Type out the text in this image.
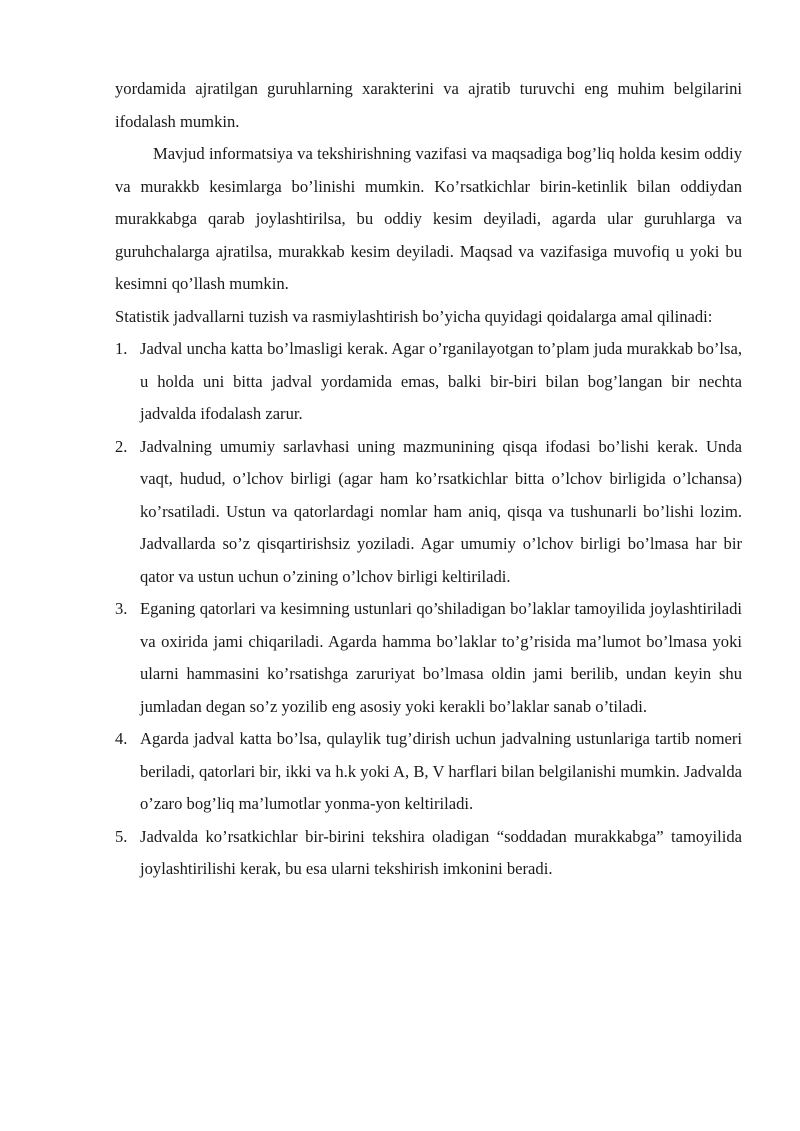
yordamida ajratilgan guruhlarning xarakterini va ajratib turuvchi eng muhim belgilarini ifodalash mumkin.

Mavjud informatsiya va tekshirishning vazifasi va maqsadiga bog’liq holda kesim oddiy va murakkb kesimlarga bo’linishi mumkin. Ko’rsatkichlar birin-ketinlik bilan oddiydan murakkabga qarab joylashtirilsa, bu oddiy kesim deyiladi, agarda ular guruhlarga va guruhchalarga ajratilsa, murakkab kesim deyiladi. Maqsad va vazifasiga muvofiq u yoki bu kesimni qo’llash mumkin.

Statistik jadvallarni tuzish va rasmiylashtirish bo’yicha quyidagi qoidalarga amal qilinadi:

1. Jadval uncha katta bo’lmasligi kerak. Agar o’rganilayotgan to’plam juda murakkab bo’lsa, u holda uni bitta jadval yordamida emas, balki bir-biri bilan bog’langan bir nechta jadvalda ifodalash zarur.
2. Jadvalning umumiy sarlavhasi uning mazmunining qisqa ifodasi bo’lishi kerak. Unda vaqt, hudud, o’lchov birligi (agar ham ko’rsatkichlar bitta o’lchov birligida o’lchansa) ko’rsatiladi. Ustun va qatorlardagi nomlar ham aniq, qisqa va tushunarli bo’lishi lozim. Jadvallarda so’z qisqartirishsiz yoziladi. Agar umumiy o’lchov birligi bo’lmasa har bir qator va ustun uchun o’zining o’lchov birligi keltiriladi.
3. Eganing qatorlari va kesimning ustunlari qo’shiladigan bo’laklar tamoyilida joylashtiriladi va oxirida jami chiqariladi. Agarda hamma bo’laklar to’g’risida ma’lumot bo’lmasa yoki ularni hammasini ko’rsatishga zaruriyat bo’lmasa oldin jami berilib, undan keyin shu jumladan degan so’z yozilib eng asosiy yoki kerakli bo’laklar sanab o’tiladi.
4. Agarda jadval katta bo’lsa, qulaylik tug’dirish uchun jadvalning ustunlariga tartib nomeri beriladi, qatorlari bir, ikki va h.k yoki A, B, V harflari bilan belgilanishi mumkin. Jadvalda o’zaro bog’liq ma’lumotlar yonma-yon keltiriladi.
5. Jadvalda ko’rsatkichlar bir-birini tekshira oladigan “soddadan murakkabga” tamoyilida joylashtirilishi kerak, bu esa ularni tekshirish imkonini beradi.
